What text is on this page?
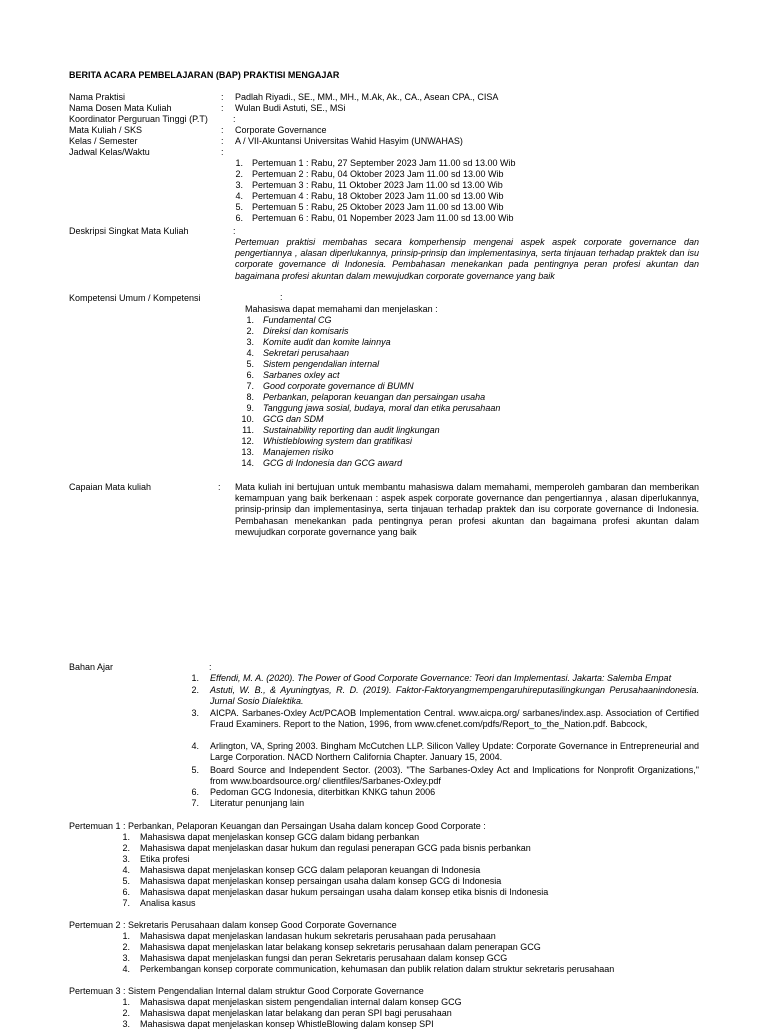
BERITA ACARA PEMBELAJARAN (BAP) PRAKTISI MENGAJAR
Nama Praktisi	: Padlah Riyadi., SE., MM., MH., M.Ak, Ak., CA., Asean CPA., CISA
Nama Dosen Mata Kuliah	: Wulan Budi Astuti, SE., MSi
Koordinator Perguruan Tinggi (P.T)	:
Mata Kuliah / SKS	: Corporate Governance
Kelas / Semester	: A / VII-Akuntansi Universitas Wahid Hasyim (UNWAHAS)
Jadwal Kelas/Waktu	:
1. Pertemuan 1 : Rabu, 27 September 2023 Jam 11.00 sd 13.00 Wib
2. Pertemuan 2 : Rabu, 04 Oktober 2023 Jam 11.00 sd 13.00 Wib
3. Pertemuan 3 : Rabu, 11 Oktober 2023 Jam 11.00 sd 13.00 Wib
4. Pertemuan 4 : Rabu, 18 Oktober 2023 Jam 11.00 sd 13.00 Wib
5. Pertemuan 5 : Rabu, 25 Oktober 2023 Jam 11.00 sd 13.00 Wib
6. Pertemuan 6 : Rabu, 01 Nopember 2023 Jam 11.00 sd 13.00 Wib
Deskripsi Singkat Mata Kuliah	:
Pertemuan praktisi membahas secara komperhensip mengenai aspek aspek corporate governance dan pengertiannya , alasan diperlukannya, prinsip-prinsip dan implementasinya, serta tinjauan terhadap praktek dan isu corporate governance di Indonesia. Pembahasan menekankan pada pentingnya peran profesi akuntan dan bagaimana profesi akuntan dalam mewujudkan corporate governance yang baik
Kompetensi Umum / Kompetensi	:
Mahasiswa dapat memahami dan menjelaskan :
1. Fundamental CG
2. Direksi dan komisaris
3. Komite audit dan komite lainnya
4. Sekretari perusahaan
5. Sistem pengendalian internal
6. Sarbanes oxley act
7. Good corporate governance di BUMN
8. Perbankan, pelaporan keuangan dan persaingan usaha
9. Tanggung jawa sosial, budaya, moral dan etika perusahaan
10. GCG dan SDM
11. Sustainability reporting dan audit lingkungan
12. Whistleblowing system dan gratifikasi
13. Manajemen risiko
14. GCG di Indonesia dan GCG award
Capaian Mata kuliah	: Mata kuliah ini bertujuan untuk membantu mahasiswa dalam memahami, memperoleh gambaran dan memberikan kemampuan yang baik berkenaan : aspek aspek corporate governance dan pengertiannya , alasan diperlukannya, prinsip-prinsip dan implementasinya, serta tinjauan terhadap praktek dan isu corporate governance di Indonesia. Pembahasan menekankan pada pentingnya peran profesi akuntan dan bagaimana profesi akuntan dalam mewujudkan corporate governance yang baik
Bahan Ajar	:
1. Effendi, M. A. (2020). The Power of Good Corporate Governance: Teori dan Implementasi. Jakarta: Salemba Empat
2. Astuti, W. B., & Ayuningtyas, R. D. (2019). Faktor-Faktoryangmempengaruhireputasilingkungan Perusahaanindonesia. Jurnal Sosio Dialektika.
3. AICPA. Sarbanes-Oxley Act/PCAOB Implementation Central. www.aicpa.org/ sarbanes/index.asp. Association of Certified Fraud Examiners. Report to the Nation, 1996, from www.cfenet.com/pdfs/Report_to_the_Nation.pdf. Babcock,
4. Arlington, VA, Spring 2003. Bingham McCutchen LLP. Silicon Valley Update: Corporate Governance in Entrepreneurial and Large Corporation. NACD Northern California Chapter. January 15, 2004.
5. Board Source and Independent Sector. (2003). "The Sarbanes-Oxley Act and Implications for Nonprofit Organizations," from www.boardsource.org/ clientfiles/Sarbanes-Oxley.pdf
6. Pedoman GCG Indonesia, diterbitkan KNKG tahun 2006
7. Literatur penunjang lain
Pertemuan 1 : Perbankan, Pelaporan Keuangan dan Persaingan Usaha dalam koncep Good Corporate :
1. Mahasiswa dapat menjelaskan konsep GCG dalam bidang perbankan
2. Mahasiswa dapat menjelaskan dasar hukum dan regulasi penerapan GCG pada bisnis perbankan
3. Etika profesi
4. Mahasiswa dapat menjelaskan konsep GCG dalam pelaporan keuangan di Indonesia
5. Mahasiswa dapat menjelaskan konsep persaingan usaha dalam konsep GCG di Indonesia
6. Mahasiswa dapat menjelaskan dasar hukum persaingan usaha dalam konsep etika bisnis di Indonesia
7. Analisa kasus
Pertemuan 2 : Sekretaris Perusahaan dalam konsep Good Corporate Governance
1. Mahasiswa dapat menjelaskan landasan hukum sekretaris perusahaan pada perusahaan
2. Mahasiswa dapat menjelaskan latar belakang konsep sekretaris perusahaan dalam penerapan GCG
3. Mahasiswa dapat menjelaskan fungsi dan peran Sekretaris perusahaan dalam konsep GCG
4. Perkembangan konsep corporate communication, kehumasan dan publik relation dalam struktur sekretaris perusahaan
Pertemuan 3 : Sistem Pengendalian Internal dalam struktur Good Corporate Governance
1. Mahasiswa dapat menjelaskan sistem pengendalian internal dalam konsep GCG
2. Mahasiswa dapat menjelaskan latar belakang dan peran SPI bagi perusahaan
3. Mahasiswa dapat menjelaskan konsep WhistleBlowing dalam konsep SPI
